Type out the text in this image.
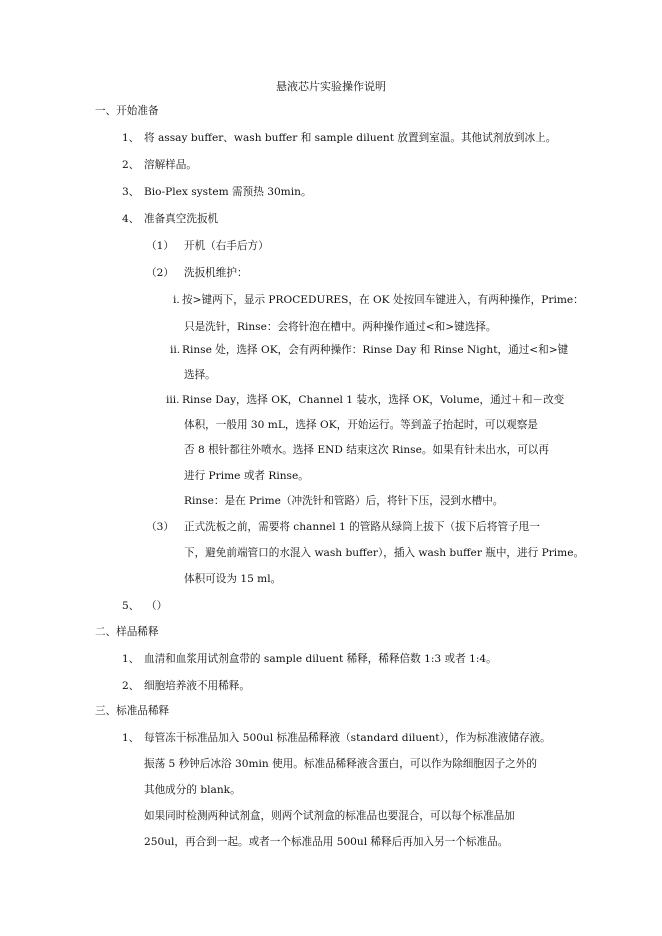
悬液芯片实验操作说明
一、开始准备
1、 将 assay buffer、wash buffer 和 sample diluent 放置到室温。其他试剂放到冰上。
2、 溶解样品。
3、 Bio-Plex system 需预热 30min。
4、 准备真空洗扳机
（1） 开机（右手后方）
（2） 洗扳机维护：
i. 按>键两下，显示 PROCEDURES，在 OK 处按回车键进入，有两种操作，Prime：
只是洗针，Rinse：会将针泡在槽中。两种操作通过<和>键选择。
ii. Rinse 处，选择 OK，会有两种操作：Rinse Day 和 Rinse Night，通过<和>键
选择。
iii. Rinse Day，选择 OK，Channel 1 装水，选择 OK，Volume，通过＋和－改变
体积，一般用 30 mL，选择 OK，开始运行。等到盖子抬起时，可以观察是
否 8 根针都往外喷水。选择 END 结束这次 Rinse。如果有针未出水，可以再
进行 Prime 或者 Rinse。
Rinse：是在 Prime（冲洗针和管路）后，将针下压，浸到水槽中。
（3） 正式洗板之前，需要将 channel 1 的管路从绿筒上拔下（拔下后将管子甩一
下，避免前端管口的水混入 wash buffer），插入 wash buffer 瓶中，进行 Prime。
体积可设为 15 ml。
5、 （）
二、样品稀释
1、 血清和血浆用试剂盒带的 sample diluent 稀释，稀释倍数 1:3 或者 1:4。
2、 细胞培养液不用稀释。
三、标准品稀释
1、 每管冻干标准品加入 500ul 标准品稀释液（standard diluent），作为标准液储存液。
振荡 5 秒钟后冰浴 30min 使用。标准品稀释液含蛋白，可以作为除细胞因子之外的
其他成分的 blank。
如果同时检测两种试剂盒，则两个试剂盒的标准品也要混合，可以每个标准品加
250ul，再合到一起。或者一个标准品用 500ul 稀释后再加入另一个标准品。
